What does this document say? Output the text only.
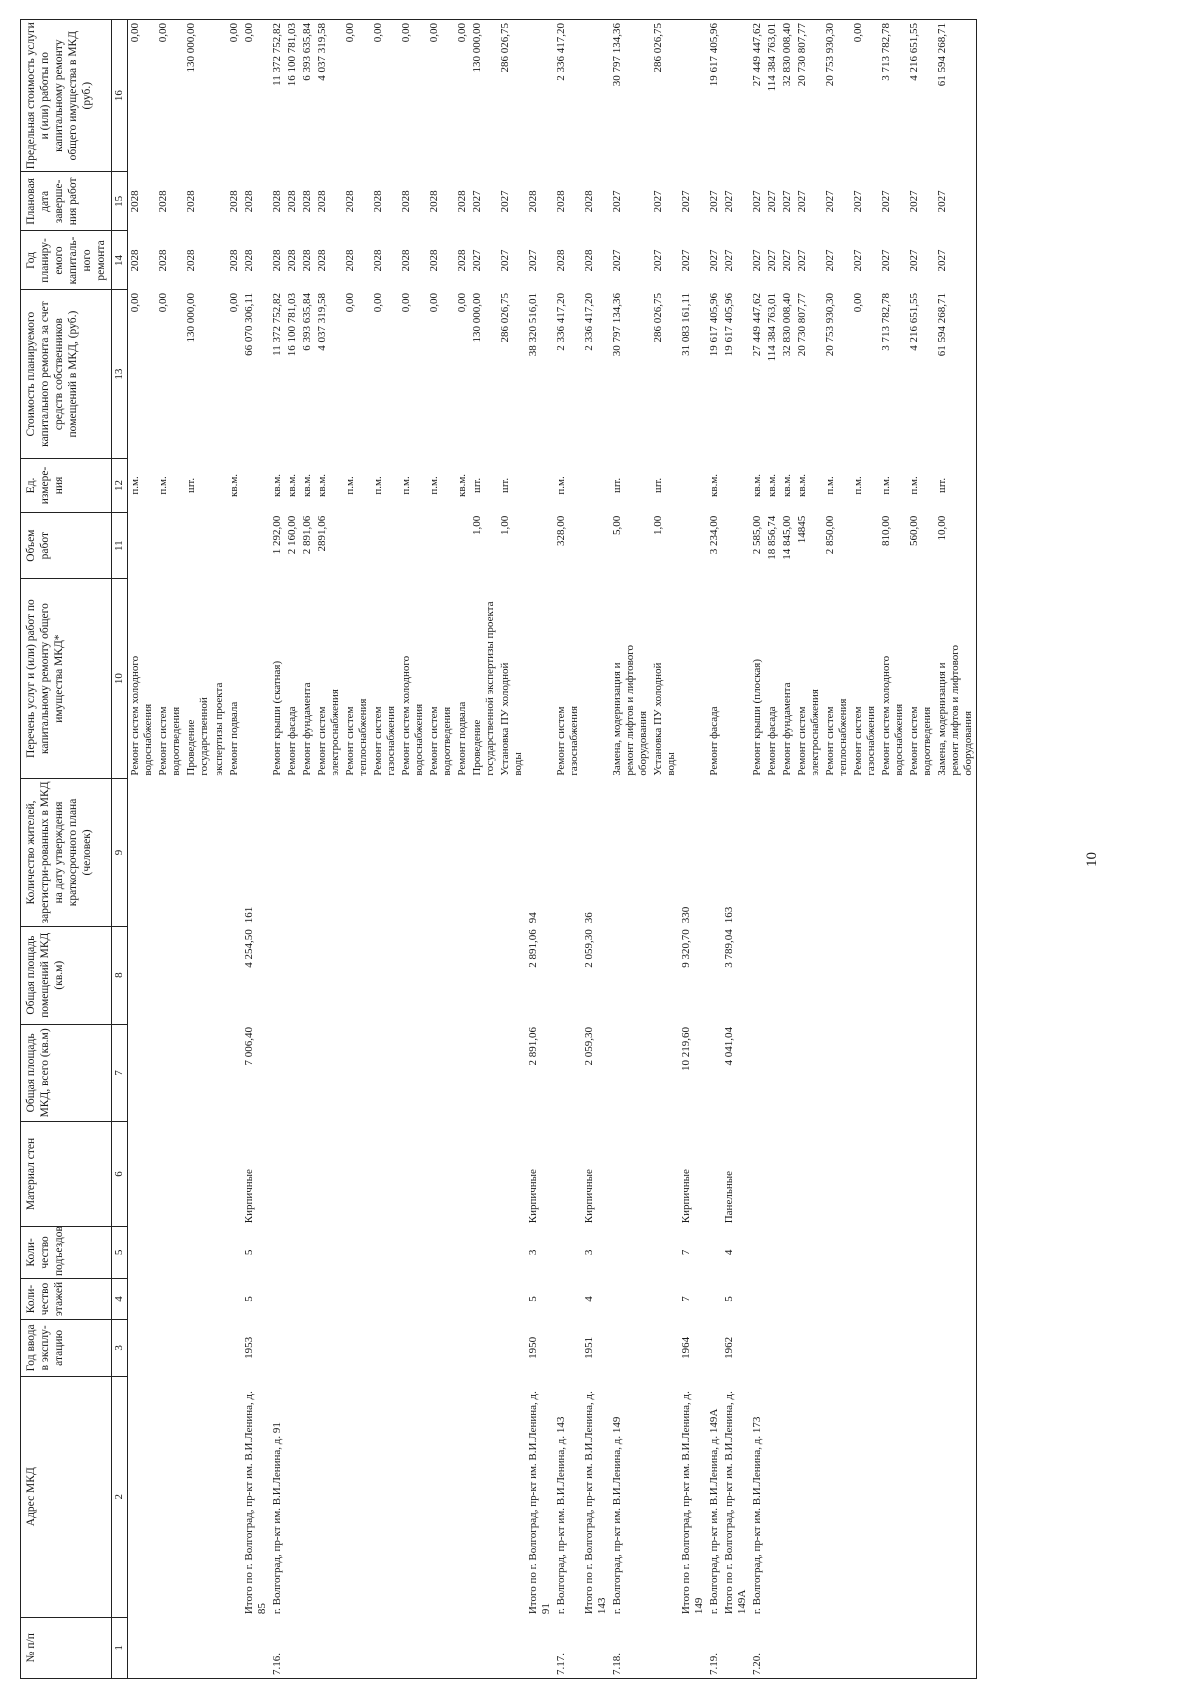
10
№ п/п	Адрес МКД	Год ввода в эксплу-атацию	Коли-чество этажей	Коли-чество подъездов	Материал стен	Общая площадь МКД, всего (кв.м)	Общая площадь помещений МКД (кв.м)	Количество жителей, зарегистри-рованных в МКД на дату утверждения краткосрочного плана (человек)	Перечень услуг и (или) работ по капитальному ремонту общего имущества МКД*	Объем работ	Ед. измере-ния	Стоимость планируемого капитального ремонта за счет средств собственников помещений в МКД, (руб.)	Год планиру-емого капиталь-ного ремонта	Плановая дата заверше-ния работ	Предельная стоимость услуги и (или) работы по капитальному ремонту общего имущества в МКД (руб.)
1	2	3	4	5	6	7	8	9	10	11	12	13	14	15	16

									Ремонт систем холодного водоснабжения		п.м.	0,00	2028	2028	0,00

									Ремонт систем водоотведения		п.м.	0,00	2028	2028	0,00

									Проведение государственной		шт.	130 000,00	2028	2028	130 000,00

									экспертизы проекта						

									Ремонт подвала		кв.м.	0,00	2028	2028	0,00
	Итого по г. Волгоград, пр-кт им. В.И.Ленина, д. 85	1953	5	5	Кирпичные	7 006,40	4 254,50	161				66 070 306,11	2028	2028	0,00
7.16.	г. Волгоград, пр-кт им. В.И.Ленина, д. 91								Ремонт крыши (скатная)	1 292,00	кв.м.	11 372 752,82	2028	2028	11 372 752,82

									Ремонт фасада	2 160,00	кв.м.	16 100 781,03	2028	2028	16 100 781,03

									Ремонт фундамента	2 891,06	кв.м.	6 393 635,84	2028	2028	6 393 635,84

									Ремонт систем электроснабжения	2891,06	кв.м.	4 037 319,58	2028	2028	4 037 319,58

									Ремонт систем теплоснабжения		п.м.	0,00	2028	2028	0,00

									Ремонт систем газоснабжения		п.м.	0,00	2028	2028	0,00

									Ремонт систем холодного водоснабжения		п.м.	0,00	2028	2028	0,00

									Ремонт систем водоотведения		п.м.	0,00	2028	2028	0,00

									Ремонт подвала		кв.м.	0,00	2028	2028	0,00

									Проведение государственной экспертизы проекта	1,00	шт.	130 000,00	2027	2027	130 000,00

									Установка ПУ холодной воды	1,00	шт.	286 026,75	2027	2027	286 026,75
	Итого по г. Волгоград, пр-кт им. В.И.Ленина, д. 91	1950	5	3	Кирпичные	2 891,06	2 891,06	94				38 320 516,01	2027	2028	
7.17.	г. Волгоград, пр-кт им. В.И.Ленина, д. 143								Ремонт систем газоснабжения	328,00	п.м.	2 336 417,20	2028	2028	2 336 417,20
	Итого по г. Волгоград, пр-кт им. В.И.Ленина, д. 143	1951	4	3	Кирпичные	2 059,30	2 059,30	36				2 336 417,20	2028	2028	
7.18.	г. Волгоград, пр-кт им. В.И.Ленина, д. 149								Замена, модернизация и ремонт лифтов и лифтового оборудования	5,00	шт.	30 797 134,36	2027	2027	30 797 134,36

									Установка ПУ холодной воды	1,00	шт.	286 026,75	2027	2027	286 026,75
	Итого по г. Волгоград, пр-кт им. В.И.Ленина, д. 149	1964	7	7	Кирпичные	10 219,60	9 320,70	330				31 083 161,11	2027	2027	
7.19.	г. Волгоград, пр-кт им. В.И.Ленина, д. 149А								Ремонт фасада	3 234,00	кв.м.	19 617 405,96	2027	2027	19 617 405,96
	Итого по г. Волгоград, пр-кт им. В.И.Ленина, д. 149А	1962	5	4	Панельные	4 041,04	3 789,04	163				19 617 405,96	2027	2027	
7.20.	г. Волгоград, пр-кт им. В.И.Ленина, д. 173								Ремонт крыши (плоская)	2 585,00	кв.м.	27 449 447,62	2027	2027	27 449 447,62

									Ремонт фасада	18 856,74	кв.м.	114 384 763,01	2027	2027	114 384 763,01

									Ремонт фундамента	14 845,00	кв.м.	32 830 008,40	2027	2027	32 830 008,40

									Ремонт систем электроснабжения	14845	кв.м.	20 730 807,77	2027	2027	20 730 807,77

									Ремонт систем теплоснабжения	2 850,00	п.м.	20 753 930,30	2027	2027	20 753 930,30

									Ремонт систем газоснабжения		п.м.	0,00	2027	2027	0,00

									Ремонт систем холодного водоснабжения	810,00	п.м.	3 713 782,78	2027	2027	3 713 782,78

									Ремонт систем водоотведения	560,00	п.м.	4 216 651,55	2027	2027	4 216 651,55

									Замена, модернизация и ремонт лифтов и лифтового оборудования	10,00	шт.	61 594 268,71	2027	2027	61 594 268,71
